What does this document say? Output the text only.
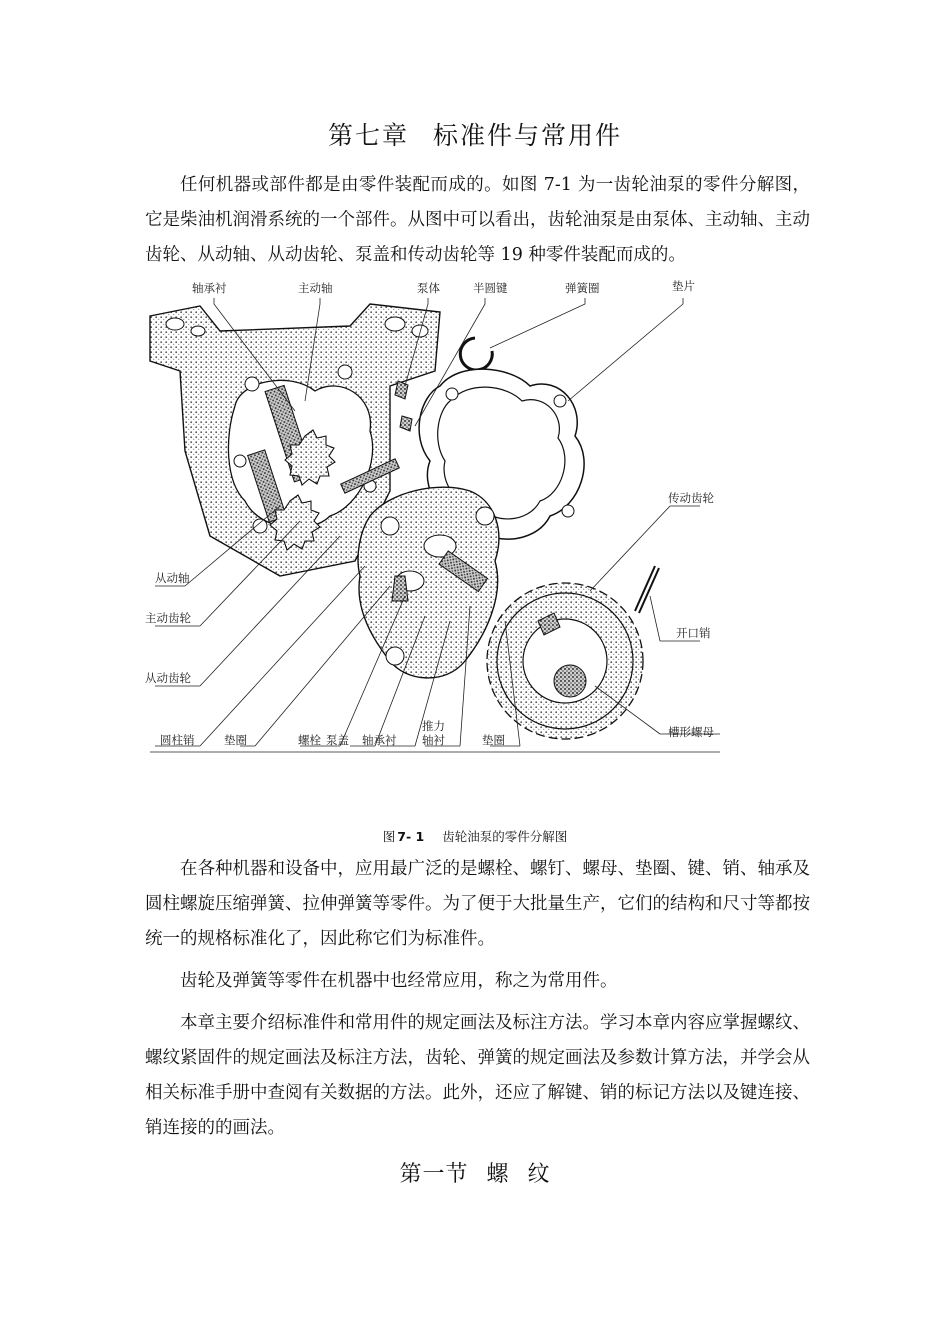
第七章 标准件与常用件

任何机器或部件都是由零件装配而成的。如图 7-1 为一齿轮油泵的零件分解图，它是柴油机润滑系统的一个部件。从图中可以看出，齿轮油泵是由泵体、主动轴、主动齿轮、从动轴、从动齿轮、泵盖和传动齿轮等 19 种零件装配而成的。

轴承衬	主动轴	泵体	半圆键	弹簧圈	垫片
传动齿轮
从动轴
主动齿轮
开口销
从动齿轮
圆柱销	垫圈	螺栓 泵盖 轴承衬
推力
轴衬	垫圈
槽形螺母
图 7- 1 齿轮油泵的零件分解图

在各种机器和设备中，应用最广泛的是螺栓、螺钉、螺母、垫圈、键、销、轴承及圆柱螺旋压缩弹簧、拉伸弹簧等零件。为了便于大批量生产，它们的结构和尺寸等都按统一的规格标准化了，因此称它们为标准件。

齿轮及弹簧等零件在机器中也经常应用，称之为常用件。

本章主要介绍标准件和常用件的规定画法及标注方法。学习本章内容应掌握螺纹、螺纹紧固件的规定画法及标注方法，齿轮、弹簧的规定画法及参数计算方法，并学会从相关标准手册中查阅有关数据的方法。此外，还应了解键、销的标记方法以及键连接、销连接的的画法。

第一节 螺 纹
